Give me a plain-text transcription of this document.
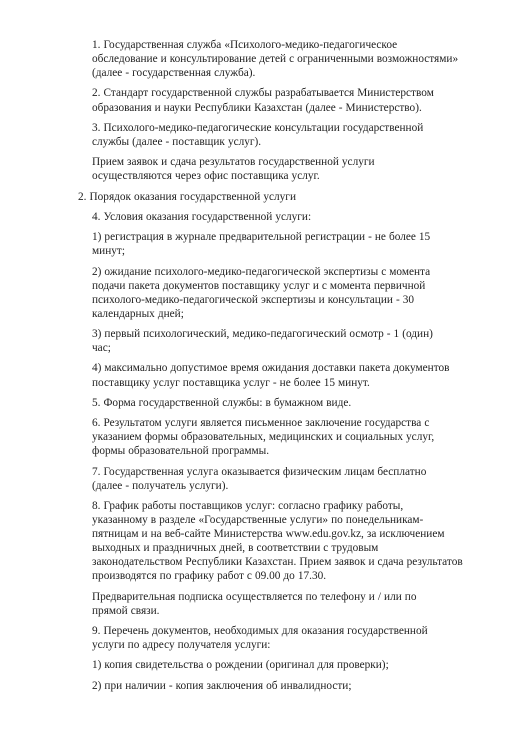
1. Государственная служба «Психолого-медико-педагогическое
обследование и консультирование детей с ограниченными возможностями»
(далее - государственная служба).
2. Стандарт государственной службы разрабатывается Министерством
образования и науки Республики Казахстан (далее - Министерство).
3. Психолого-медико-педагогические консультации государственной
службы (далее - поставщик услуг).
Прием заявок и сдача результатов государственной услуги
осуществляются через офис поставщика услуг.
2. Порядок оказания государственной услуги
4. Условия оказания государственной услуги:
1) регистрация в журнале предварительной регистрации - не более 15
минут;
2) ожидание психолого-медико-педагогической экспертизы с момента
подачи пакета документов поставщику услуг и с момента первичной
психолого-медико-педагогической экспертизы и консультации - 30
календарных дней;
3) первый психологический, медико-педагогический осмотр - 1 (один)
час;
4) максимально допустимое время ожидания доставки пакета документов
поставщику услуг поставщика услуг - не более 15 минут.
5. Форма государственной службы: в бумажном виде.
6. Результатом услуги является письменное заключение государства с
указанием формы образовательных, медицинских и социальных услуг,
формы образовательной программы.
7. Государственная услуга оказывается физическим лицам бесплатно
(далее - получатель услуги).
8. График работы поставщиков услуг: согласно графику работы,
указанному в разделе «Государственные услуги» по понедельникам-
пятницам и на веб-сайте Министерства www.edu.gov.kz, за исключением
выходных и праздничных дней, в соответствии с трудовым
законодательством Республики Казахстан. Прием заявок и сдача результатов
производятся по графику работ с 09.00 до 17.30.
Предварительная подписка осуществляется по телефону и / или по
прямой связи.
9. Перечень документов, необходимых для оказания государственной
услуги по адресу получателя услуги:
1) копия свидетельства о рождении (оригинал для проверки);
2) при наличии - копия заключения об инвалидности;
